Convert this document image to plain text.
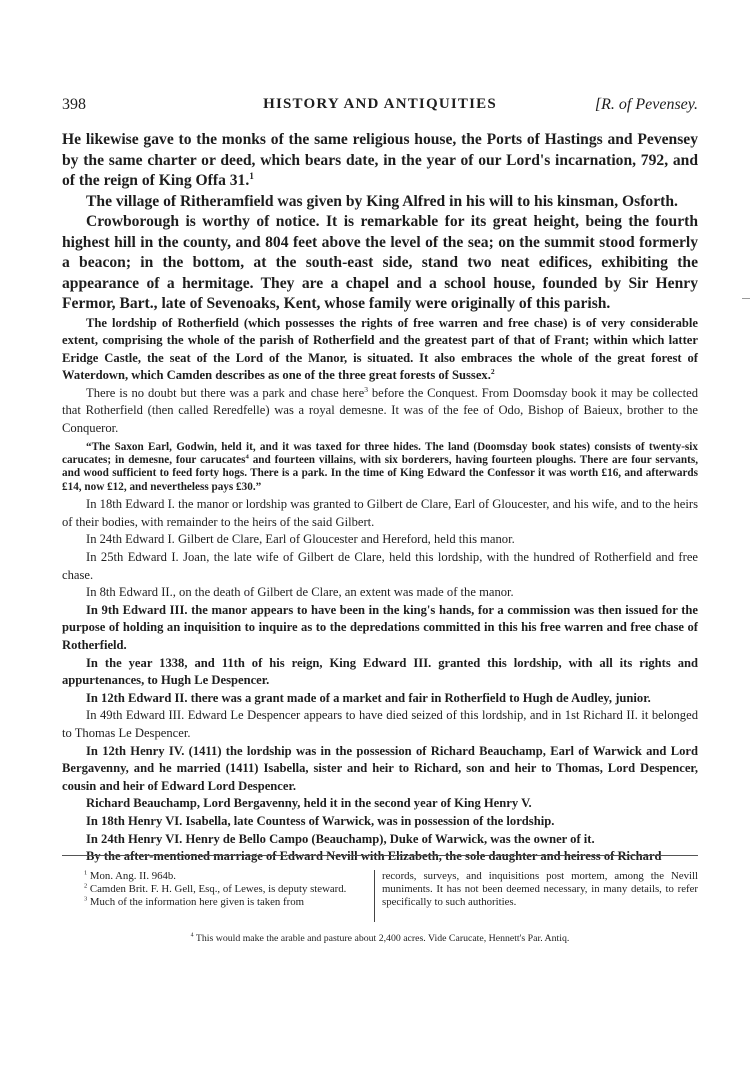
398	HISTORY AND ANTIQUITIES	[R. of Pevensey.

He likewise gave to the monks of the same religious house, the Ports of Hastings and Pevensey by the same charter or deed, which bears date, in the year of our Lord's incarnation, 792, and of the reign of King Offa 31.$^1$

The village of Ritheramfield was given by King Alfred in his will to his kinsman, Osforth.

Crowborough is worthy of notice. It is remarkable for its great height, being the fourth highest hill in the county, and 804 feet above the level of the sea; on the summit stood formerly a beacon; in the bottom, at the south-east side, stand two neat edifices, exhibiting the appearance of a hermitage. They are a chapel and a school house, founded by Sir Henry Fermor, Bart., late of Sevenoaks, Kent, whose family were originally of this parish.

The lordship of Rotherfield (which possesses the rights of free warren and free chase) is of very considerable extent, comprising the whole of the parish of Rotherfield and the greatest part of that of Frant; within which latter Eridge Castle, the seat of the Lord of the Manor, is situated. It also embraces the whole of the great forest of Waterdown, which Camden describes as one of the three great forests of Sussex.$^2$

There is no doubt but there was a park and chase here$^3$ before the Conquest. From Doomsday book it may be collected that Rotherfield (then called Reredfelle) was a royal demesne. It was of the fee of Odo, Bishop of Baieux, brother to the Conqueror.

“The Saxon Earl, Godwin, held it, and it was taxed for three hides. The land (Doomsday book states) consists of twenty-six carucates; in demesne, four carucates$^4$ and fourteen villains, with six borderers, having fourteen ploughs. There are four servants, and wood sufficient to feed forty hogs. There is a park. In the time of King Edward the Confessor it was worth £16, and afterwards £14, now £12, and nevertheless pays £30.”

In 18th Edward I. the manor or lordship was granted to Gilbert de Clare, Earl of Gloucester, and his wife, and to the heirs of their bodies, with remainder to the heirs of the said Gilbert.

In 24th Edward I. Gilbert de Clare, Earl of Gloucester and Hereford, held this manor.

In 25th Edward I. Joan, the late wife of Gilbert de Clare, held this lordship, with the hundred of Rotherfield and free chase.

In 8th Edward II., on the death of Gilbert de Clare, an extent was made of the manor.

In 9th Edward III. the manor appears to have been in the king's hands, for a commission was then issued for the purpose of holding an inquisition to inquire as to the depredations committed in this his free warren and free chase of Rotherfield.

In the year 1338, and 11th of his reign, King Edward III. granted this lordship, with all its rights and appurtenances, to Hugh Le Despencer.

In 12th Edward II. there was a grant made of a market and fair in Rotherfield to Hugh de Audley, junior.

In 49th Edward III. Edward Le Despencer appears to have died seized of this lordship, and in 1st Richard II. it belonged to Thomas Le Despencer.

In 12th Henry IV. (1411) the lordship was in the possession of Richard Beauchamp, Earl of Warwick and Lord Bergavenny, and he married (1411) Isabella, sister and heir to Richard, son and heir to Thomas, Lord Despencer, cousin and heir of Edward Lord Despencer.

Richard Beauchamp, Lord Bergavenny, held it in the second year of King Henry V.

In 18th Henry VI. Isabella, late Countess of Warwick, was in possession of the lordship.

In 24th Henry VI. Henry de Bello Campo (Beauchamp), Duke of Warwick, was the owner of it.

By the after-mentioned marriage of Edward Nevill with Elizabeth, the sole daughter and heiress of Richard

$^1$ Mon. Ang. II. 964b.

$^2$ Camden Brit. F. H. Gell, Esq., of Lewes, is deputy steward.

$^3$ Much of the information here given is taken from

records, surveys, and inquisitions post mortem, among the Nevill muniments. It has not been deemed necessary, in many details, to refer specifically to such authorities.

$^4$ This would make the arable and pasture about 2,400 acres. Vide Carucate, Hennett's Par. Antiq.
